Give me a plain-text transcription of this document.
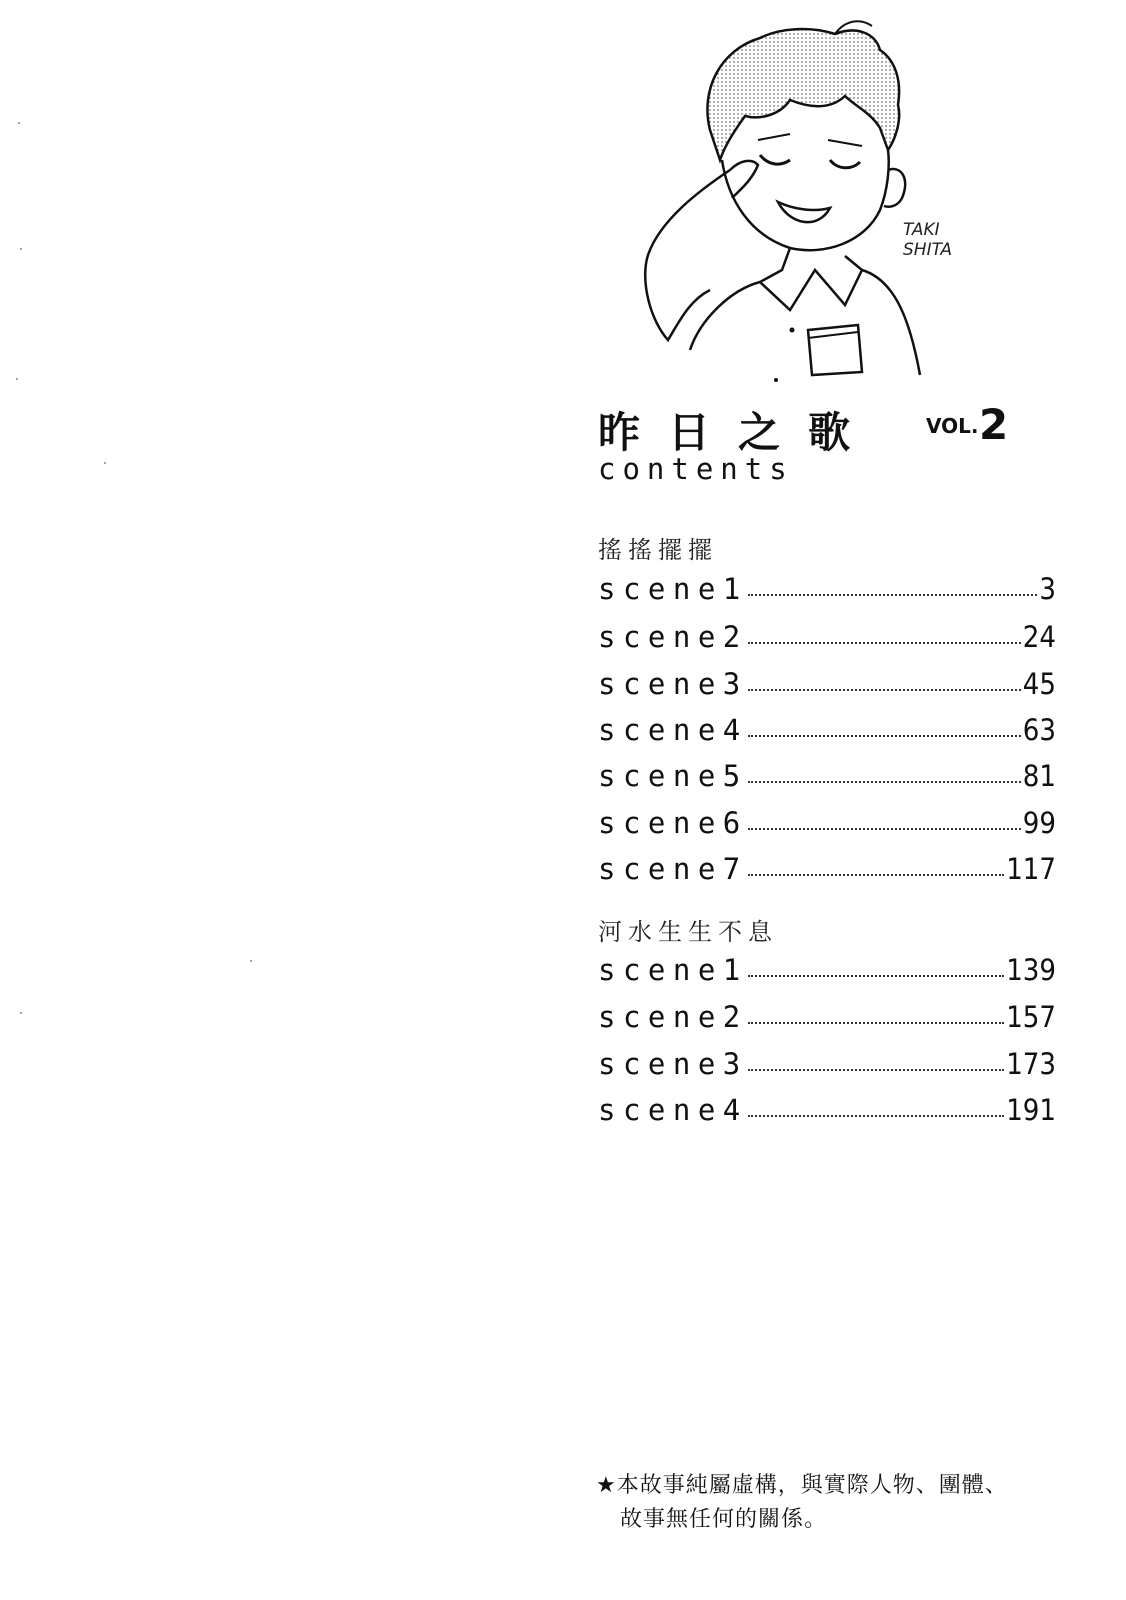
TAKI
SHITA
昨日之歌 VOL. 2
contents
搖搖擺擺
scene1	3
scene2	24
scene3	45
scene4	63
scene5	81
scene6	99
scene7	117
河水生生不息
scene1	139
scene2	157
scene3	173
scene4	191
★本故事純屬虛構，與實際人物、團體、
故事無任何的關係。
